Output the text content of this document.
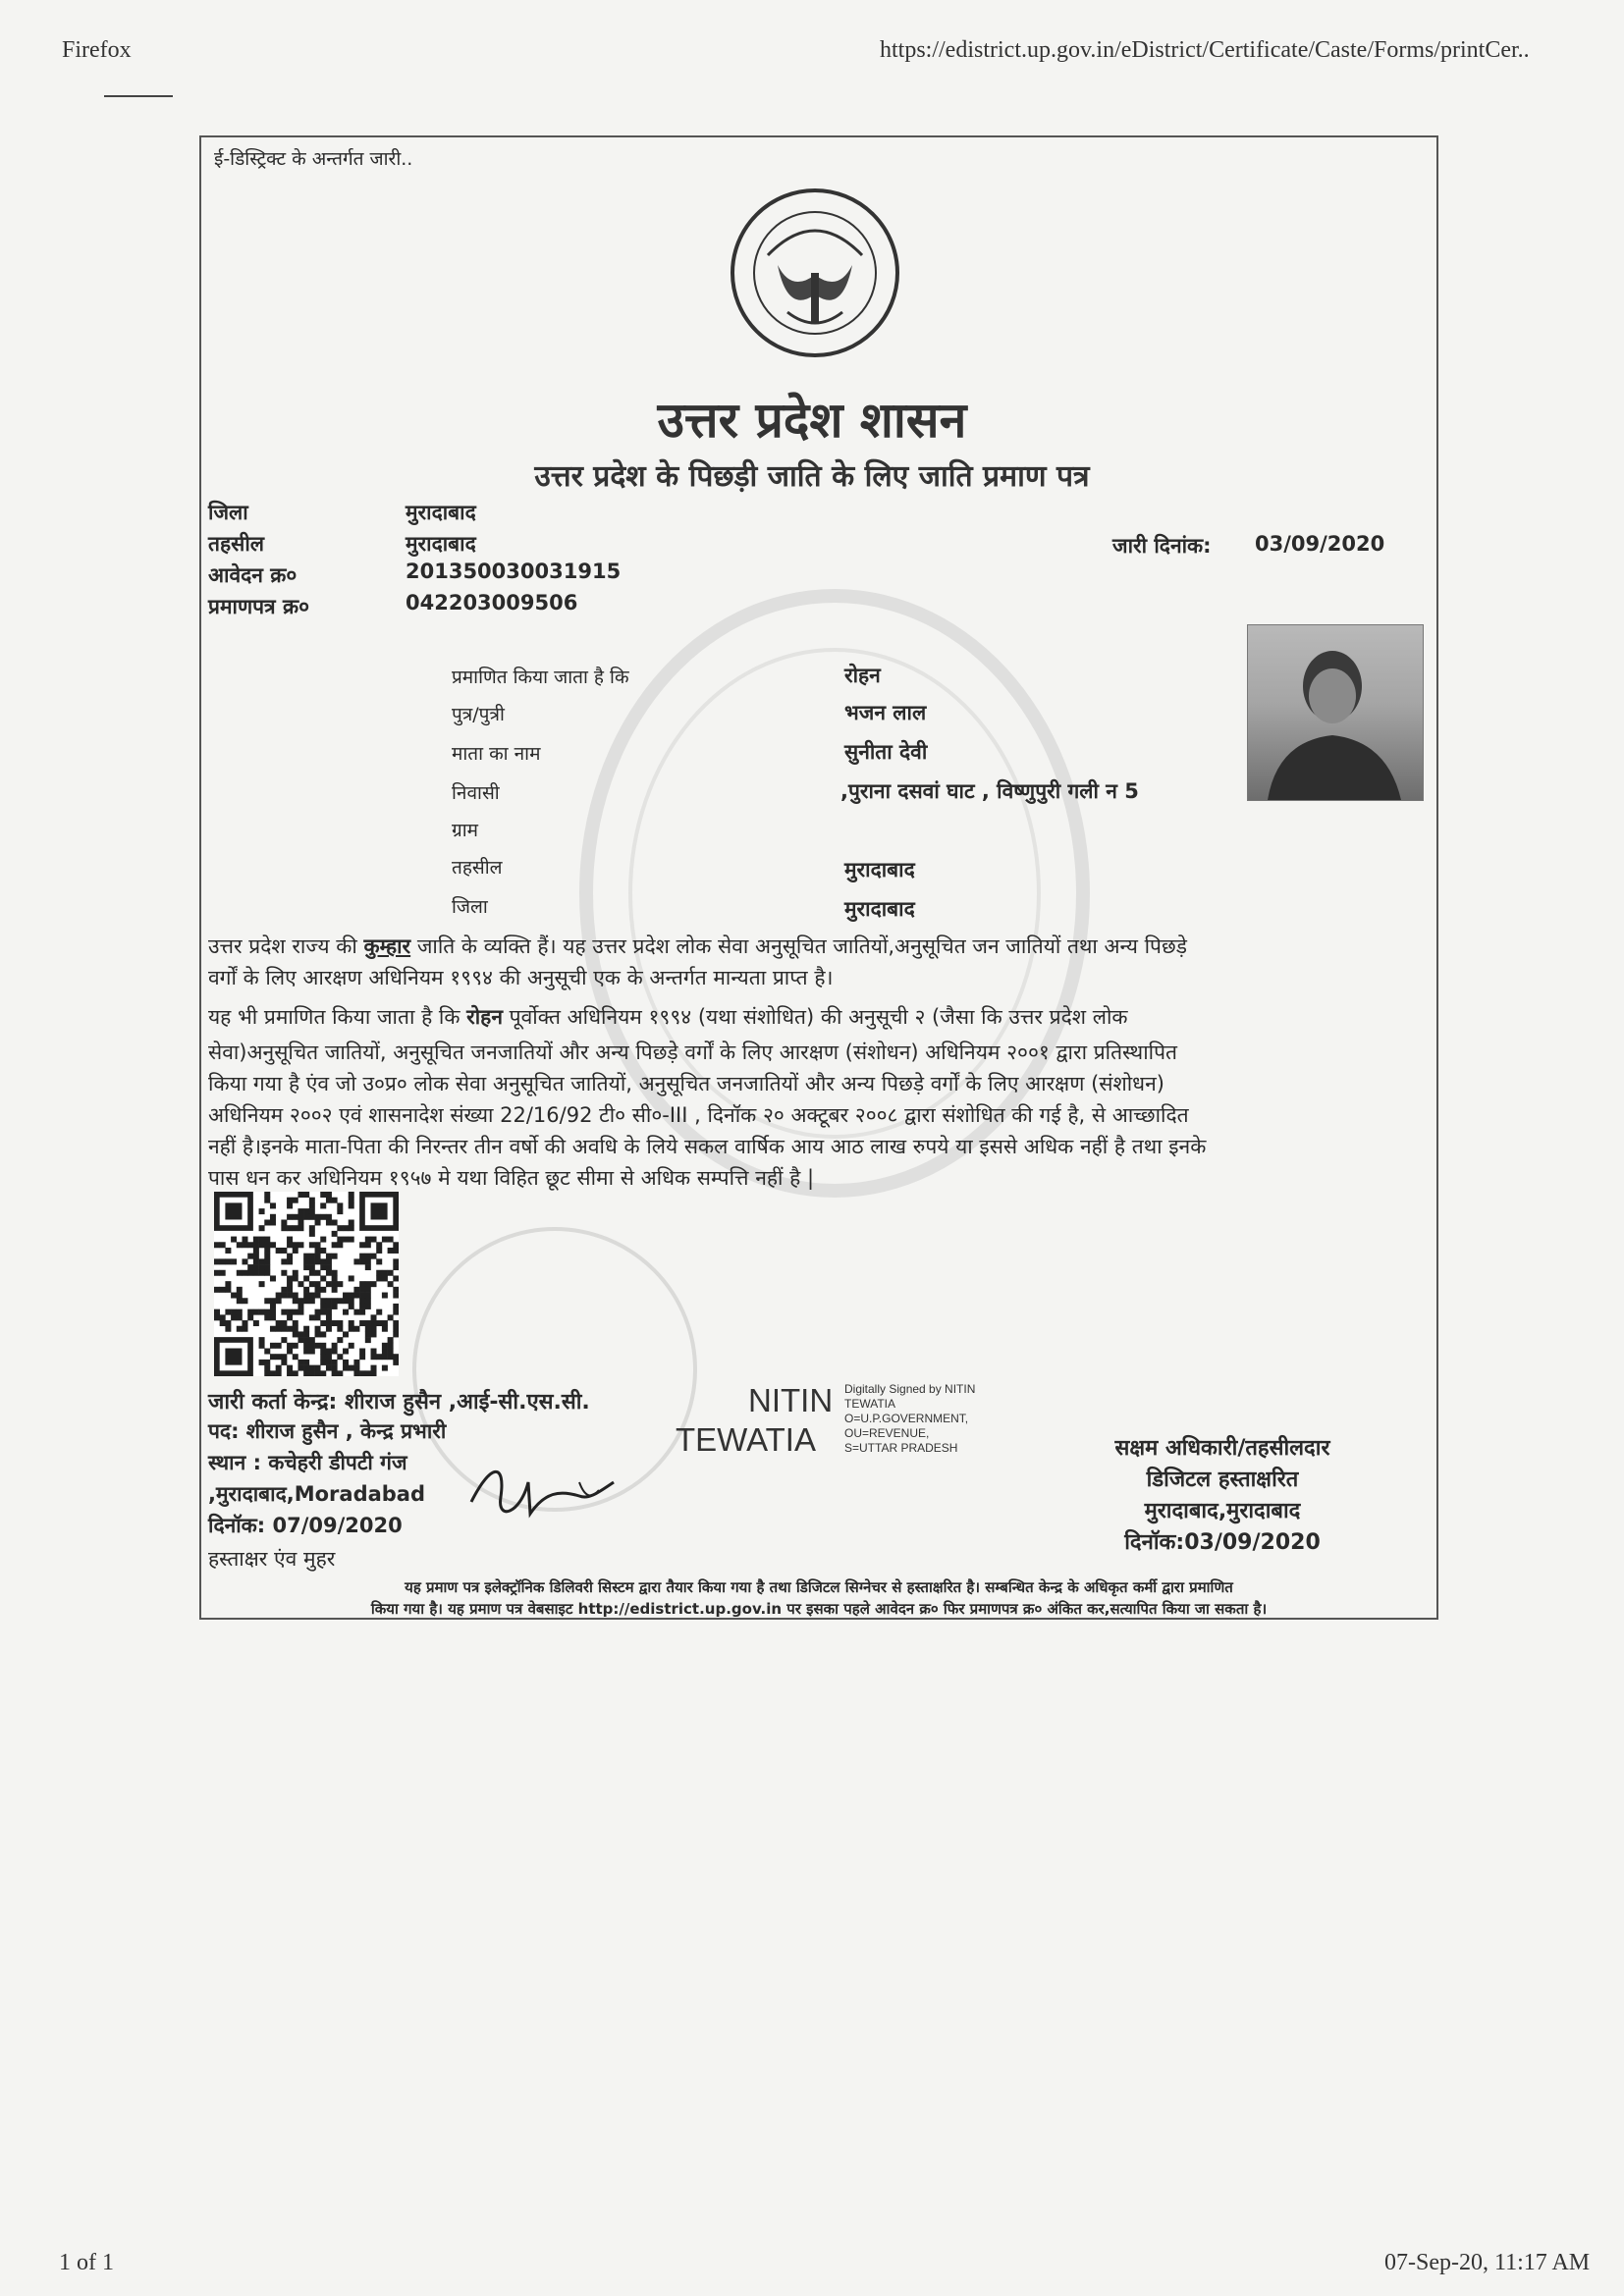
Firefox	https://edistrict.up.gov.in/eDistrict/Certificate/Caste/Forms/printCer..
ई-डिस्ट्रिक्ट के अन्तर्गत जारी..
उत्तर प्रदेश शासन
उत्तर प्रदेश के पिछड़ी जाति के लिए जाति प्रमाण पत्र
जिला	मुरादाबाद
तहसील	मुरादाबाद
आवेदन क्र०	201350030031915
प्रमाणपत्र क्र०	042203009506
जारी दिनांक: 03/09/2020
प्रमाणित किया जाता है कि	रोहन
पुत्र/पुत्री	भजन लाल
माता का नाम	सुनीता देवी
निवासी	,पुराना दसवां घाट , विष्णुपुरी गली न 5
ग्राम
तहसील	मुरादाबाद
जिला	मुरादाबाद
उत्तर प्रदेश राज्य की कुम्हार जाति के व्यक्ति हैं। यह उत्तर प्रदेश लोक सेवा अनुसूचित जातियों,अनुसूचित जन जातियों तथा अन्य पिछड़े
वर्गों के लिए आरक्षण अधिनियम १९९४ की अनुसूची एक के अन्तर्गत मान्यता प्राप्त है।
यह भी प्रमाणित किया जाता है कि रोहन पूर्वोक्त अधिनियम १९९४ (यथा संशोधित) की अनुसूची २ (जैसा कि उत्तर प्रदेश लोक
सेवा)अनुसूचित जातियों, अनुसूचित जनजातियों और अन्य पिछड़े वर्गों के लिए आरक्षण (संशोधन) अधिनियम २००१ द्वारा प्रतिस्थापित
किया गया है एंव जो उ०प्र० लोक सेवा अनुसूचित जातियों, अनुसूचित जनजातियों और अन्य पिछड़े वर्गों के लिए आरक्षण (संशोधन)
अधिनियम २००२ एवं शासनादेश संख्या 22/16/92 टी० सी०-III , दिनॉक २० अक्टूबर २००८ द्वारा संशोधित की गई है, से आच्छादित
नहीं है।इनके माता-पिता की निरन्तर तीन वर्षो की अवधि के लिये सकल वार्षिक आय आठ लाख रुपये या इससे अधिक नहीं है तथा इनके
पास धन कर अधिनियम १९५७ मे यथा विहित छूट सीमा से अधिक सम्पत्ति नहीं है |
जारी कर्ता केन्द्र: शीराज हुसैन ,आई-सी.एस.सी.
पद: शीराज हुसैन , केन्द्र प्रभारी
स्थान : कचेहरी डीपटी गंज
,मुरादाबाद,Moradabad
दिनॉक: 07/09/2020
हस्ताक्षर एंव मुहर
NITIN
TEWATIA
Digitally Signed by NITIN
TEWATIA
O=U.P.GOVERNMENT,
OU=REVENUE,
S=UTTAR PRADESH	सक्षम अधिकारी/तहसीलदार
डिजिटल हस्ताक्षरित
मुरादाबाद,मुरादाबाद
दिनॉक:03/09/2020
यह प्रमाण पत्र इलेक्ट्रॉनिक डिलिवरी सिस्टम द्वारा तैयार किया गया है तथा डिजिटल सिग्नेचर से हस्ताक्षरित है। सम्बन्धित केन्द्र के अधिकृत कर्मी द्वारा प्रमाणित
किया गया है। यह प्रमाण पत्र वेबसाइट http://edistrict.up.gov.in पर इसका पहले आवेदन क्र० फिर प्रमाणपत्र क्र० अंकित कर,सत्यापित किया जा सकता है।
1 of 1	07-Sep-20, 11:17 AM
